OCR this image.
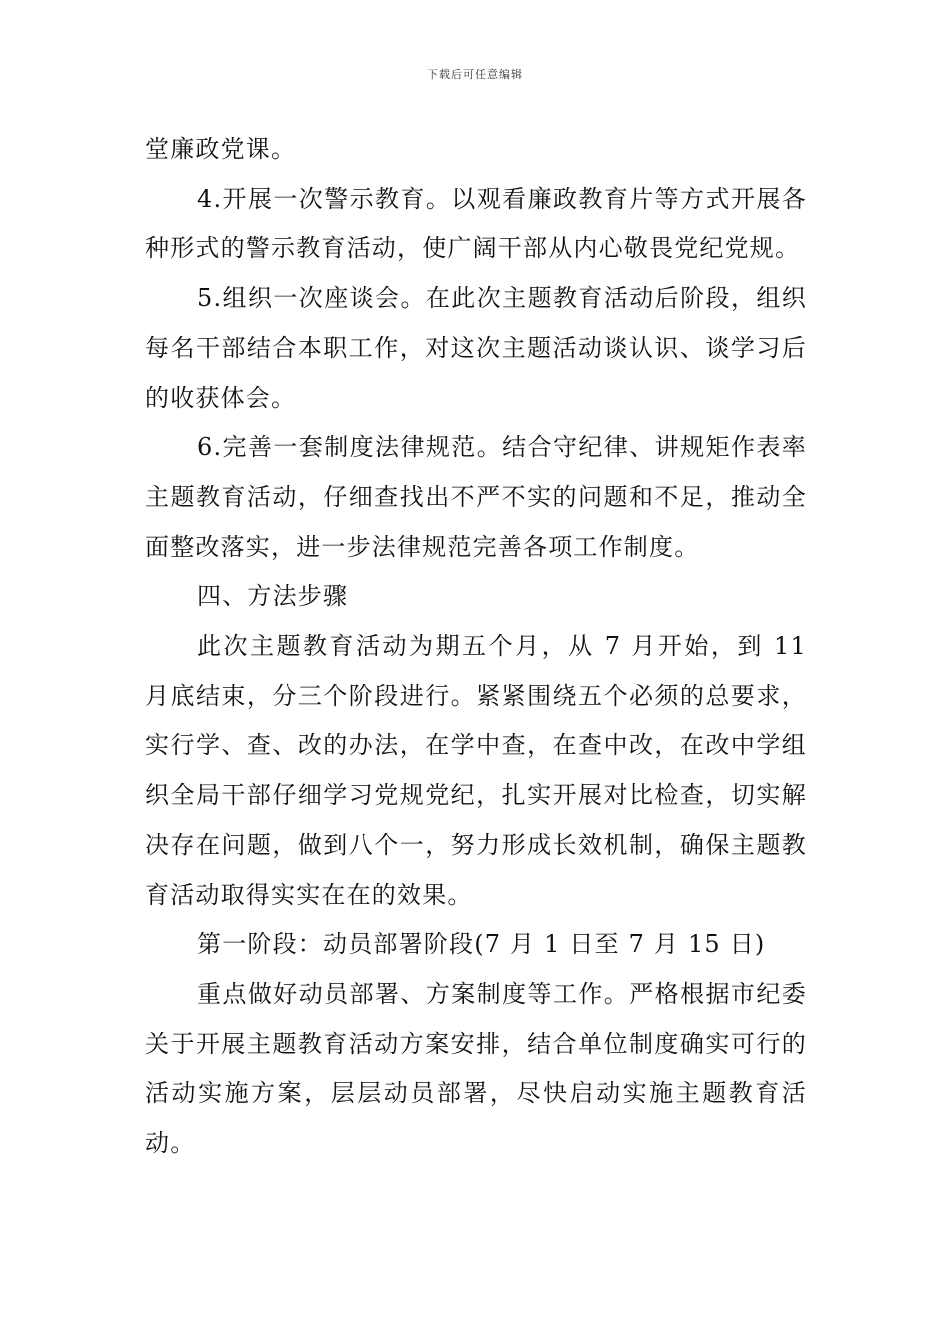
下载后可任意编辑

堂廉政党课。

4.开展一次警示教育。以观看廉政教育片等方式开展各种形式的警示教育活动，使广阔干部从内心敬畏党纪党规。

5.组织一次座谈会。在此次主题教育活动后阶段，组织每名干部结合本职工作，对这次主题活动谈认识、谈学习后的收获体会。

6.完善一套制度法律规范。结合守纪律、讲规矩作表率主题教育活动，仔细查找出不严不实的问题和不足，推动全面整改落实，进一步法律规范完善各项工作制度。

四、方法步骤

此次主题教育活动为期五个月，从 7 月开始，到 11 月底结束，分三个阶段进行。紧紧围绕五个必须的总要求，实行学、查、改的办法，在学中查，在查中改，在改中学组织全局干部仔细学习党规党纪，扎实开展对比检查，切实解决存在问题，做到八个一，努力形成长效机制，确保主题教育活动取得实实在在的效果。

第一阶段：动员部署阶段(7 月 1 日至 7 月 15 日)

重点做好动员部署、方案制度等工作。严格根据市纪委关于开展主题教育活动方案安排，结合单位制度确实可行的活动实施方案，层层动员部署，尽快启动实施主题教育活动。
